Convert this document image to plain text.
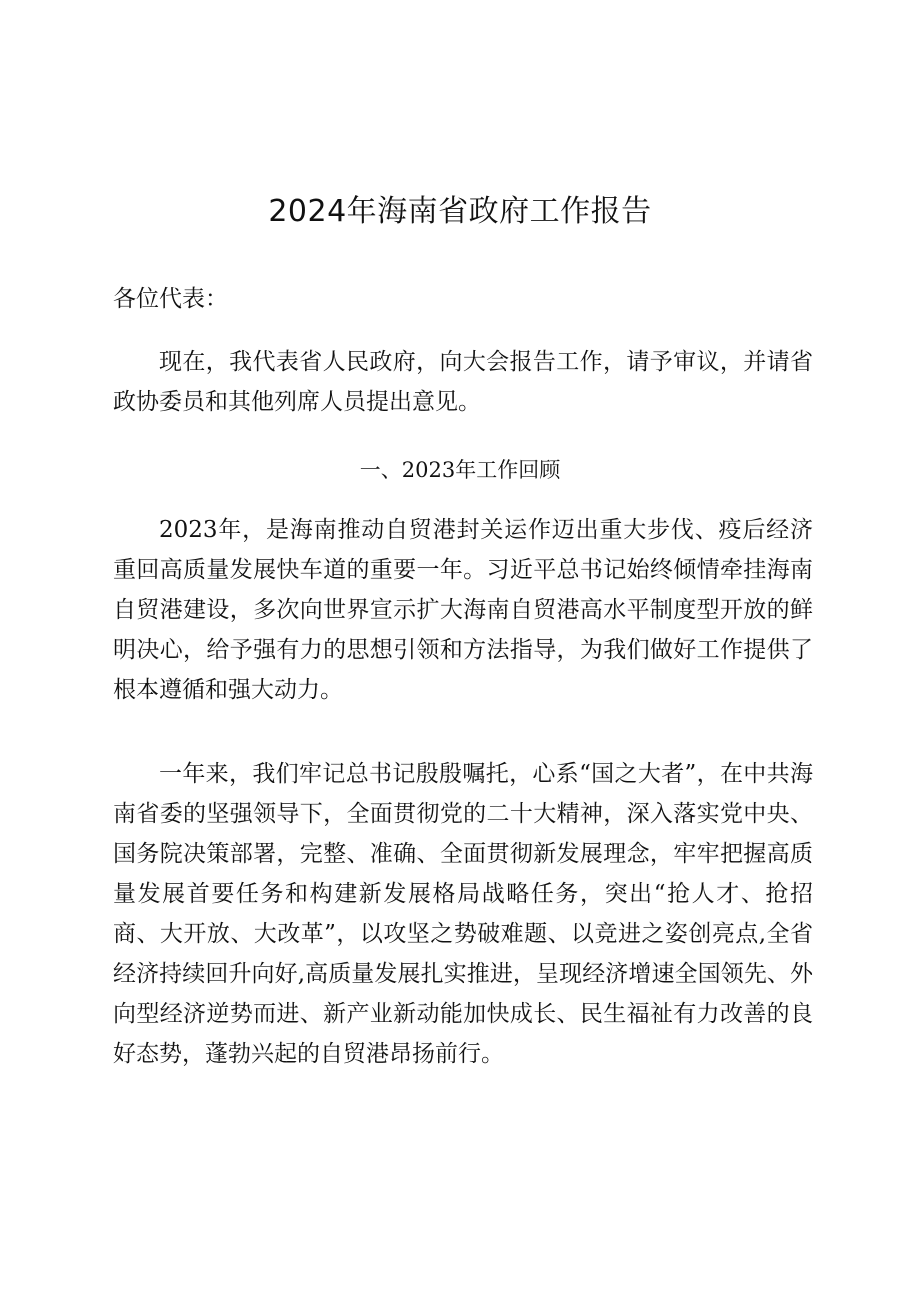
2024年海南省政府工作报告
各位代表：
现在，我代表省人民政府，向大会报告工作，请予审议，并请省政协委员和其他列席人员提出意见。
一、2023年工作回顾
2023年，是海南推动自贸港封关运作迈出重大步伐、疫后经济重回高质量发展快车道的重要一年。习近平总书记始终倾情牵挂海南自贸港建设，多次向世界宣示扩大海南自贸港高水平制度型开放的鲜明决心，给予强有力的思想引领和方法指导，为我们做好工作提供了根本遵循和强大动力。
一年来，我们牢记总书记殷殷嘱托，心系“国之大者”，在中共海南省委的坚强领导下，全面贯彻党的二十大精神，深入落实党中央、国务院决策部署，完整、准确、全面贯彻新发展理念，牢牢把握高质量发展首要任务和构建新发展格局战略任务，突出“抢人才、抢招商、大开放、大改革”，以攻坚之势破难题、以竞进之姿创亮点,全省经济持续回升向好,高质量发展扎实推进，呈现经济增速全国领先、外向型经济逆势而进、新产业新动能加快成长、民生福祉有力改善的良好态势，蓬勃兴起的自贸港昂扬前行。
